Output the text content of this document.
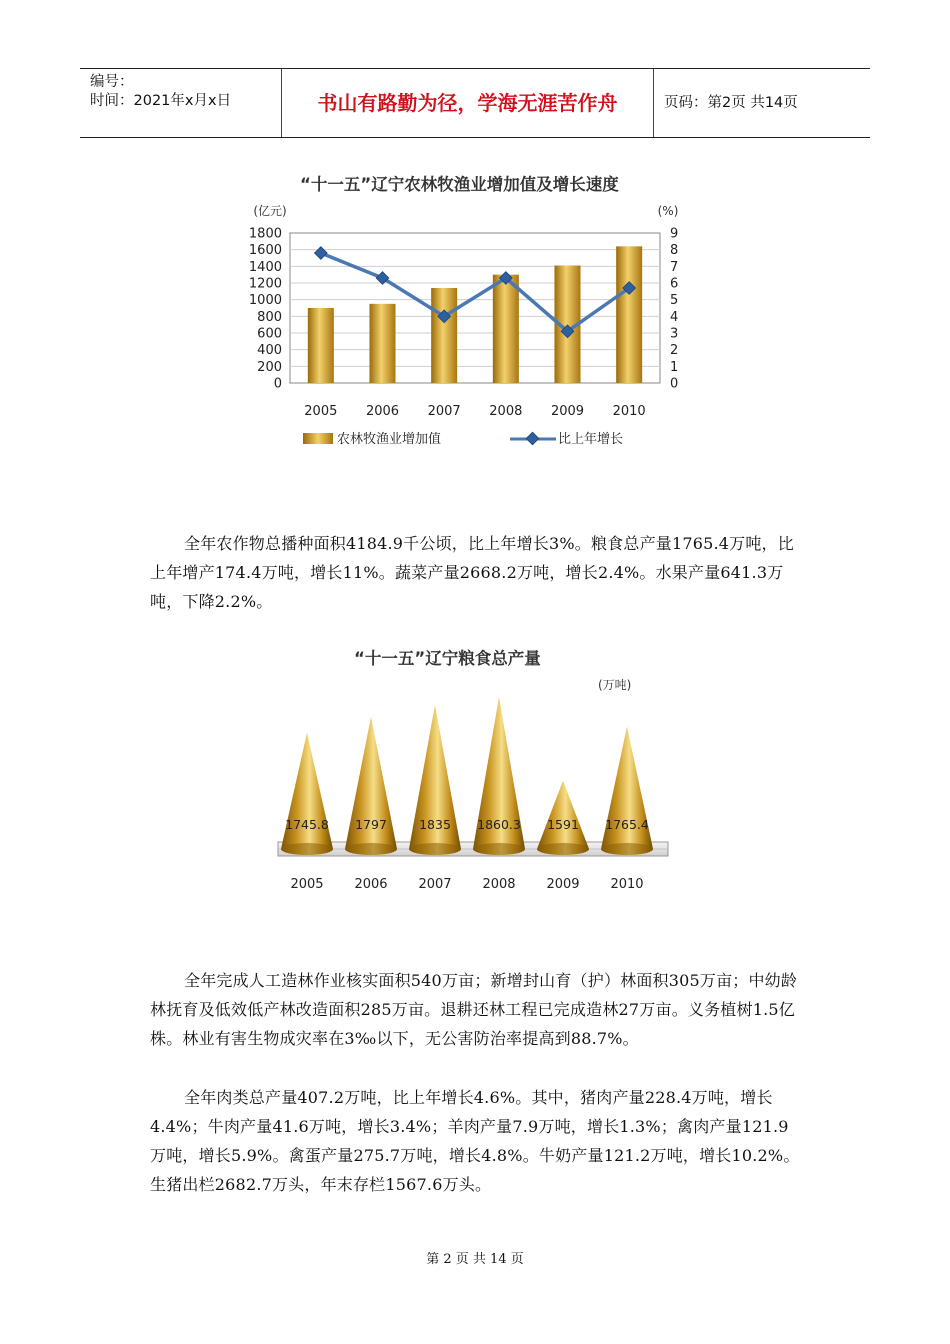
编号：
时间：2021年x月x日	书山有路勤为径，学海无涯苦作舟	页码：第2页 共14页
“十一五”辽宁农林牧渔业增加值及增长速度
(亿元)	(%)
0
200
400
600
800
1000
1200
1400
1600
1800
0
1
2
3
4
5
6
7
8
9
2005 2006 2007 2008 2009 2010
农林牧渔业增加值	比上年增长
全年农作物总播种面积4184.9千公顷，比上年增长3%。粮食总产量1765.4万吨，比上年增产174.4万吨，增长11%。蔬菜产量2668.2万吨，增长2.4%。水果产量641.3万吨，下降2.2%。
“十一五”辽宁粮食总产量
(万吨)
1745.8
2005
1797
2006
1835
2007
1860.3
2008
1591
2009
1765.4
2010
全年完成人工造林作业核实面积540万亩；新增封山育（护）林面积305万亩；中幼龄林抚育及低效低产林改造面积285万亩。退耕还林工程已完成造林27万亩。义务植树1.5亿株。林业有害生物成灾率在3‰以下，无公害防治率提高到88.7%。
全年肉类总产量407.2万吨，比上年增长4.6%。其中，猪肉产量228.4万吨，增长4.4%；牛肉产量41.6万吨，增长3.4%；羊肉产量7.9万吨，增长1.3%；禽肉产量121.9万吨，增长5.9%。禽蛋产量275.7万吨，增长4.8%。牛奶产量121.2万吨，增长10.2%。生猪出栏2682.7万头，年末存栏1567.6万头。
第 2 页 共 14 页
